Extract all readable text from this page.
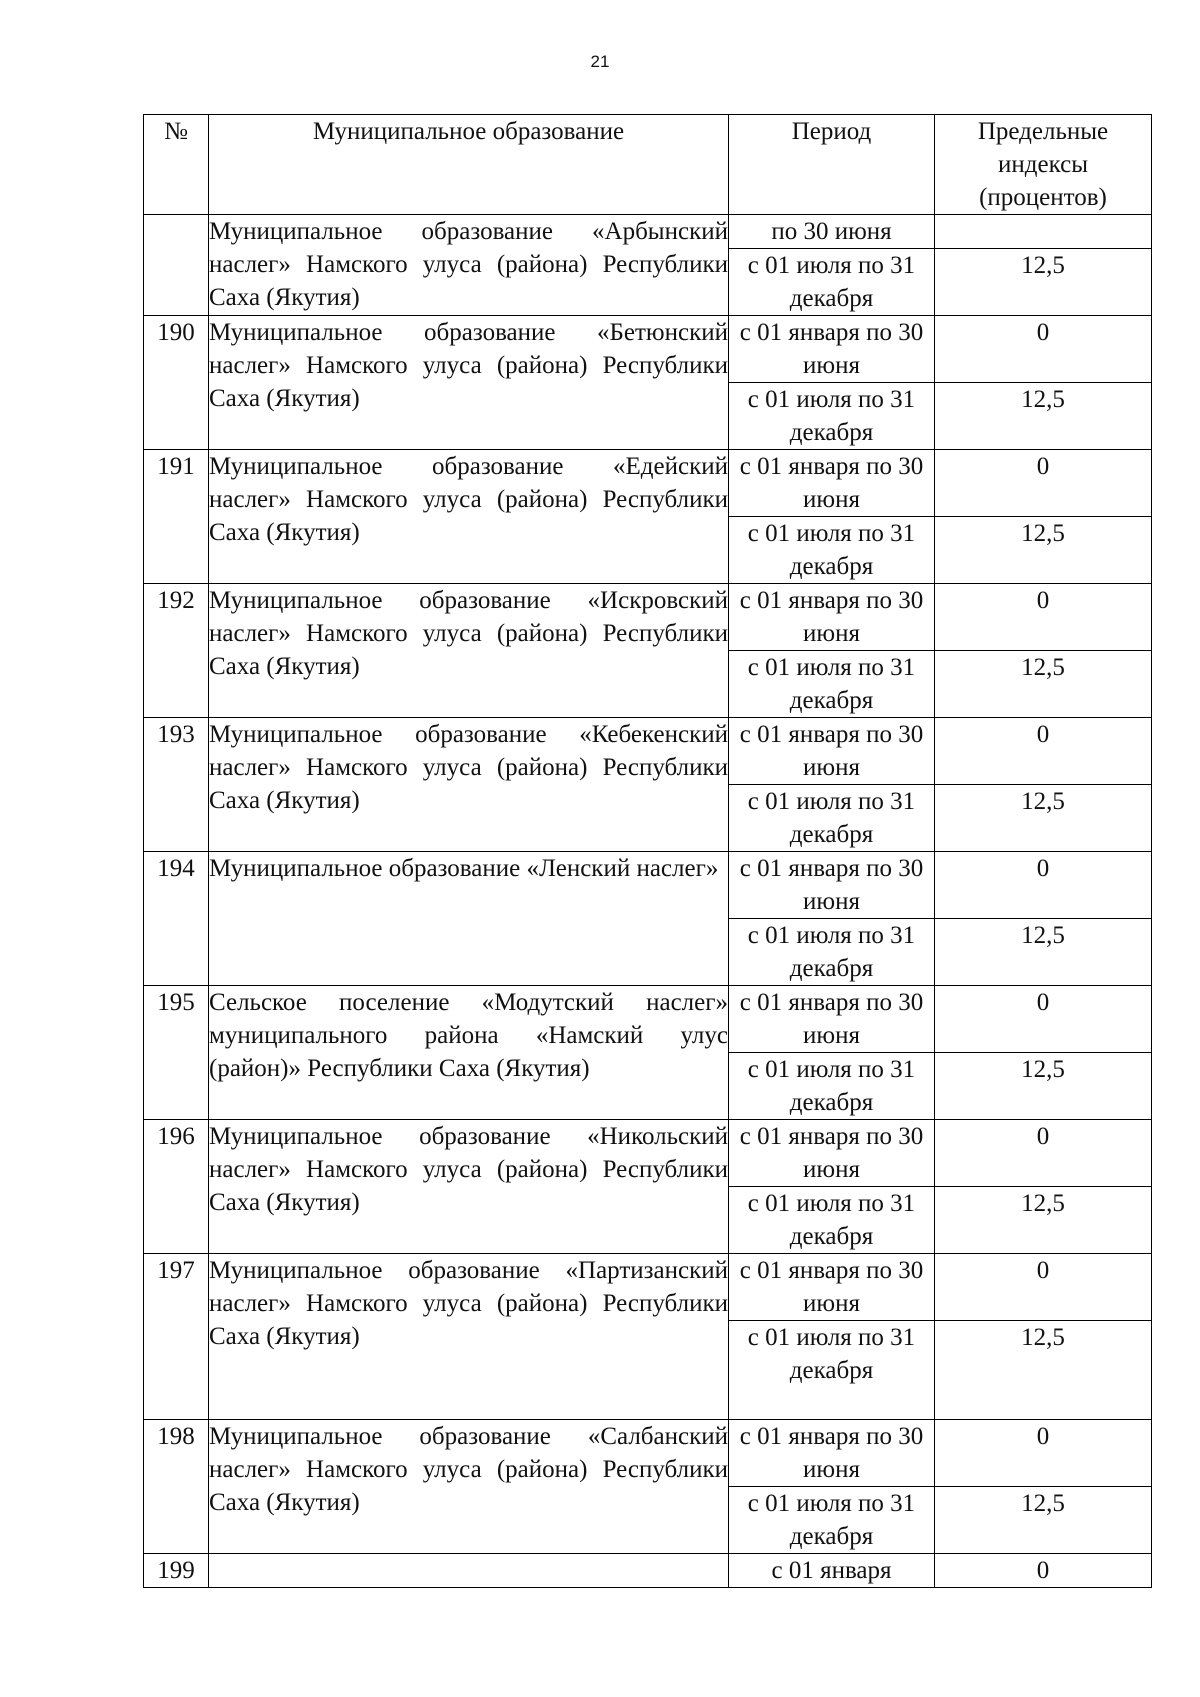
21
№	Муниципальное образование	Период	Предельные индексы (процентов)
	Муниципальное образование «Арбынский наслег» Намского улуса (района) Республики Саха (Якутия)	по 30 июня	
		с 01 июля по 31 декабря	12,5
190	Муниципальное образование «Бетюнский наслег» Намского улуса (района) Республики Саха (Якутия)	с 01 января по 30 июня	0
		с 01 июля по 31 декабря	12,5
191	Муниципальное образование «Едейский наслег» Намского улуса (района) Республики Саха (Якутия)	с 01 января по 30 июня	0
		с 01 июля по 31 декабря	12,5
192	Муниципальное образование «Искровский наслег» Намского улуса (района) Республики Саха (Якутия)	с 01 января по 30 июня	0
		с 01 июля по 31 декабря	12,5
193	Муниципальное образование «Кебекенский наслег» Намского улуса (района) Республики Саха (Якутия)	с 01 января по 30 июня	0
		с 01 июля по 31 декабря	12,5
194	Муниципальное образование «Ленский наслег»	с 01 января по 30 июня	0
		с 01 июля по 31 декабря	12,5
195	Сельское поселение «Модутский наслег» муниципального района «Намский улус (район)» Республики Саха (Якутия)	с 01 января по 30 июня	0
		с 01 июля по 31 декабря	12,5
196	Муниципальное образование «Никольский наслег» Намского улуса (района) Республики Саха (Якутия)	с 01 января по 30 июня	0
		с 01 июля по 31 декабря	12,5
197	Муниципальное образование «Партизанский наслег» Намского улуса (района) Республики Саха (Якутия)	с 01 января по 30 июня	0
		с 01 июля по 31 декабря	12,5
198	Муниципальное образование «Салбанский наслег» Намского улуса (района) Республики Саха (Якутия)	с 01 января по 30 июня	0
		с 01 июля по 31 декабря	12,5
199		с 01 января	0
